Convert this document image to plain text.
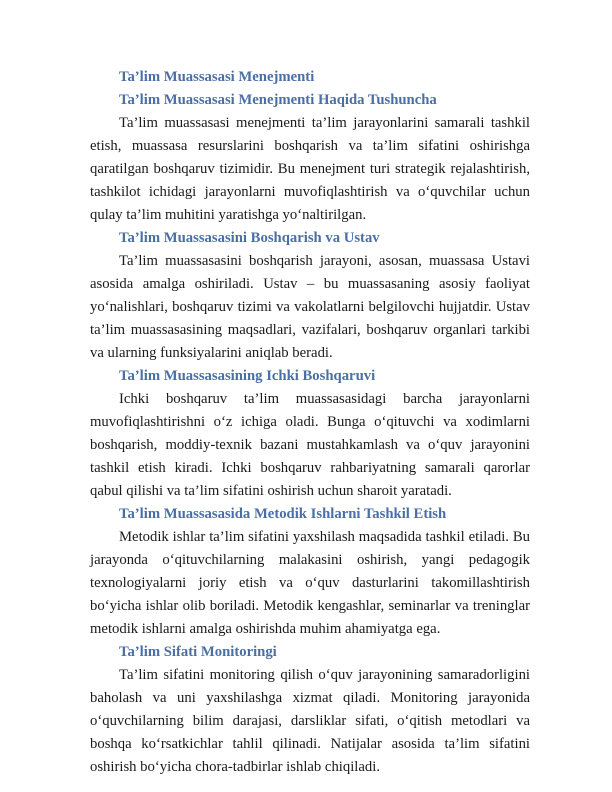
Ta’lim Muassasasi Menejmenti
Ta’lim Muassasasi Menejmenti Haqida Tushuncha

Ta’lim muassasasi menejmenti ta’lim jarayonlarini samarali tashkil etish, muassasa resurslarini boshqarish va ta’lim sifatini oshirishga qaratilgan boshqaruv tizimidir. Bu menejment turi strategik rejalashtirish, tashkilot ichidagi jarayonlarni muvofiqlashtirish va o‘quvchilar uchun qulay ta’lim muhitini yaratishga yo‘naltirilgan.

Ta’lim Muassasasini Boshqarish va Ustav

Ta’lim muassasasini boshqarish jarayoni, asosan, muassasa Ustavi asosida amalga oshiriladi. Ustav – bu muassasaning asosiy faoliyat yo‘nalishlari, boshqaruv tizimi va vakolatlarni belgilovchi hujjatdir. Ustav ta’lim muassasasining maqsadlari, vazifalari, boshqaruv organlari tarkibi va ularning funksiyalarini aniqlab beradi.

Ta’lim Muassasasining Ichki Boshqaruvi

Ichki boshqaruv ta’lim muassasasidagi barcha jarayonlarni muvofiqlashtirishni o‘z ichiga oladi. Bunga o‘qituvchi va xodimlarni boshqarish, moddiy-texnik bazani mustahkamlash va o‘quv jarayonini tashkil etish kiradi. Ichki boshqaruv rahbariyatning samarali qarorlar qabul qilishi va ta’lim sifatini oshirish uchun sharoit yaratadi.

Ta’lim Muassasasida Metodik Ishlarni Tashkil Etish

Metodik ishlar ta’lim sifatini yaxshilash maqsadida tashkil etiladi. Bu jarayonda o‘qituvchilarning malakasini oshirish, yangi pedagogik texnologiyalarni joriy etish va o‘quv dasturlarini takomillashtirish bo‘yicha ishlar olib boriladi. Metodik kengashlar, seminarlar va treninglar metodik ishlarni amalga oshirishda muhim ahamiyatga ega.

Ta’lim Sifati Monitoringi

Ta’lim sifatini monitoring qilish o‘quv jarayonining samaradorligini baholash va uni yaxshilashga xizmat qiladi. Monitoring jarayonida o‘quvchilarning bilim darajasi, darsliklar sifati, o‘qitish metodlari va boshqa ko‘rsatkichlar tahlil qilinadi. Natijalar asosida ta’lim sifatini oshirish bo‘yicha chora-tadbirlar ishlab chiqiladi.
